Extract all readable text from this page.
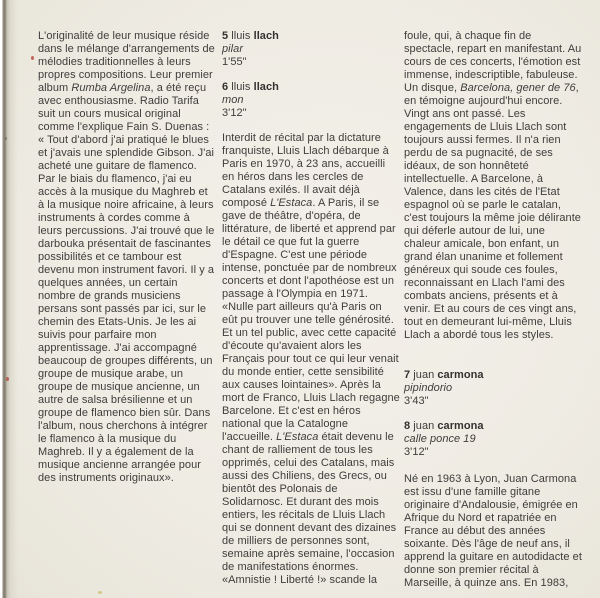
L'originalité de leur musique réside dans le mélange d'arrangements de mélodies traditionnelles à leurs propres compositions. Leur premier album Rumba Argelina, a été reçu avec enthousiasme. Radio Tarifa suit un cours musical original comme l'explique Fain S. Duenas : « Tout d'abord j'ai pratiqué le blues et j'avais une splendide Gibson. J'ai acheté une guitare de flamenco. Par le biais du flamenco, j'ai eu accès à la musique du Maghreb et à la musique noire africaine, à leurs instruments à cordes comme à leurs percussions. J'ai trouvé que le darbouka présentait de fascinantes possibilités et ce tambour est devenu mon instrument favori. Il y a quelques années, un certain nombre de grands musiciens persans sont passés par ici, sur le chemin des Etats-Unis. Je les ai suivis pour parfaire mon apprentissage. J'ai accompagné beaucoup de groupes différents, un groupe de musique arabe, un groupe de musique ancienne, un autre de salsa brésilienne et un groupe de flamenco bien sûr. Dans l'album, nous cherchons à intégrer le flamenco à la musique du Maghreb. Il y a également de la musique ancienne arrangée pour des instruments originaux».

5 lluis llach
pilar
1'55"
6 lluis llach
mon
3'12"

Interdit de récital par la dictature franquiste, Lluis Llach débarque à Paris en 1970, à 23 ans, accueilli en héros dans les cercles de Catalans exilés. Il avait déjà composé L'Estaca. A Paris, il se gave de théâtre, d'opéra, de littérature, de liberté et apprend par le détail ce que fut la guerre d'Espagne. C'est une période intense, ponctuée par de nombreux concerts et dont l'apothéose est un passage à l'Olympia en 1971. «Nulle part ailleurs qu'à Paris on eût pu trouver une telle générosité. Et un tel public, avec cette capacité d'écoute qu'avaient alors les Français pour tout ce qui leur venait du monde entier, cette sensibilité aux causes lointaines». Après la mort de Franco, Lluis Llach regagne Barcelone. Et c'est en héros national que la Catalogne l'accueille. L'Estaca était devenu le chant de ralliement de tous les opprimés, celui des Catalans, mais aussi des Chiliens, des Grecs, ou bientôt des Polonais de Solidarnosc. Et durant des mois entiers, les récitals de Lluis Llach qui se donnent devant des dizaines de milliers de personnes sont, semaine après semaine, l'occasion de manifestations énormes. «Amnistie ! Liberté !» scande la

foule, qui, à chaque fin de spectacle, repart en manifestant. Au cours de ces concerts, l'émotion est immense, indescriptible, fabuleuse. Un disque, Barcelona, gener de 76, en témoigne aujourd'hui encore. Vingt ans ont passé. Les engagements de Lluis Llach sont toujours aussi fermes. Il n'a rien perdu de sa pugnacité, de ses idéaux, de son honnêteté intellectuelle. A Barcelone, à Valence, dans les cités de l'Etat espagnol où se parle le catalan, c'est toujours la même joie délirante qui déferle autour de lui, une chaleur amicale, bon enfant, un grand élan unanime et follement généreux qui soude ces foules, reconnaissant en Llach l'ami des combats anciens, présents et à venir. Et au cours de ces vingt ans, tout en demeurant lui-même, Lluis Llach a abordé tous les styles.

7 juan carmona
pipindorio
3'43"
8 juan carmona
calle ponce 19
3'12"

Né en 1963 à Lyon, Juan Carmona est issu d'une famille gitane originaire d'Andalousie, émigrée en Afrique du Nord et rapatriée en France au début des années soixante. Dès l'âge de neuf ans, il apprend la guitare en autodidacte et donne son premier récital à Marseille, à quinze ans. En 1983,
